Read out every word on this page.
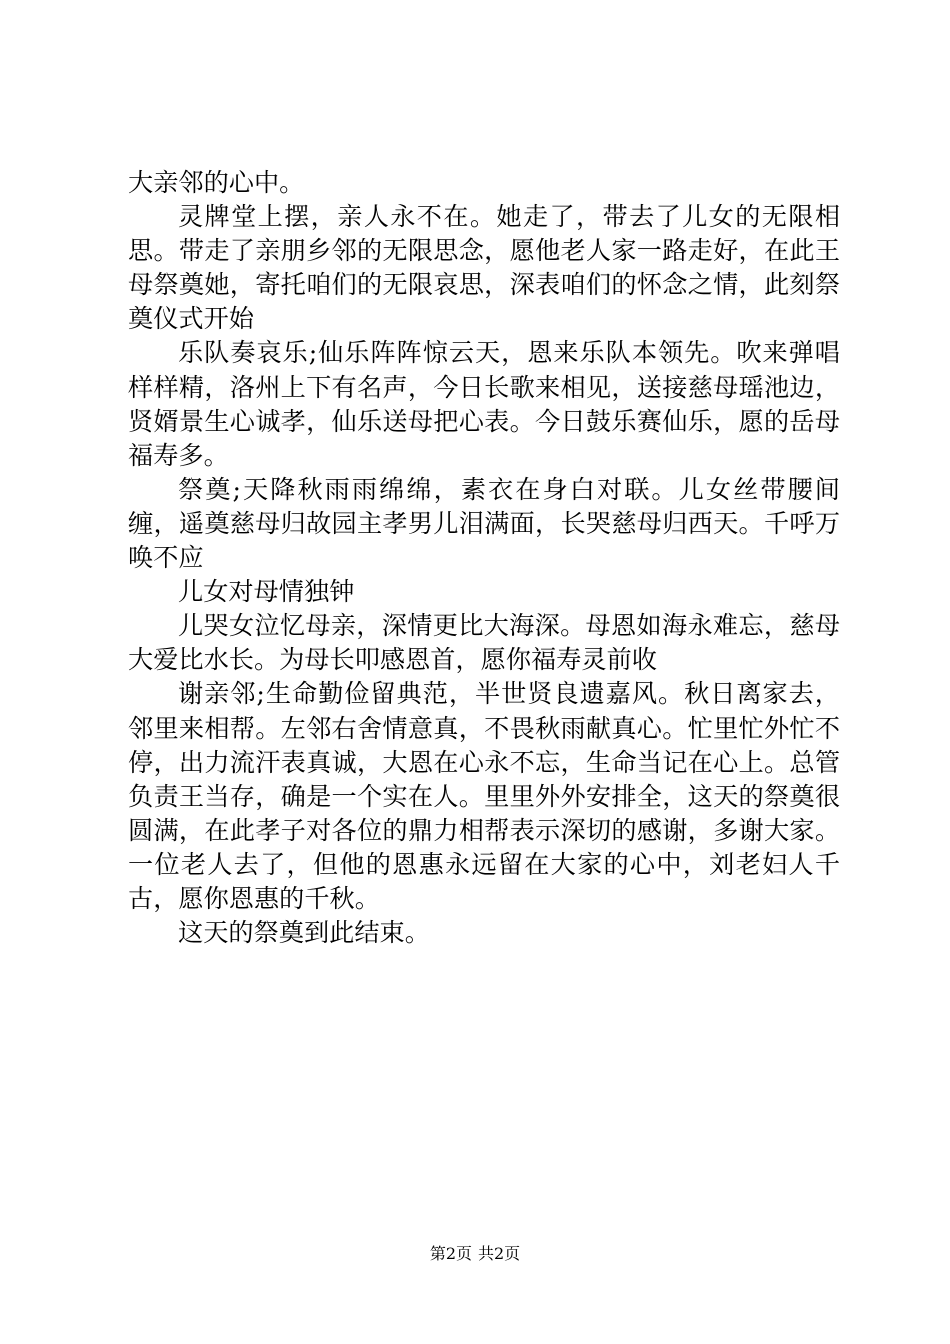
大亲邻的心中。

灵牌堂上摆，亲人永不在。她走了，带去了儿女的无限相思。带走了亲朋乡邻的无限思念，愿他老人家一路走好，在此王母祭奠她，寄托咱们的无限哀思，深表咱们的怀念之情，此刻祭奠仪式开始

乐队奏哀乐;仙乐阵阵惊云天，恩来乐队本领先。吹来弹唱样样精，洛州上下有名声，今日长歌来相见，送接慈母瑶池边，贤婿景生心诚孝，仙乐送母把心表。今日鼓乐赛仙乐，愿的岳母福寿多。

祭奠;天降秋雨雨绵绵，素衣在身白对联。儿女丝带腰间缠，遥奠慈母归故园主孝男儿泪满面，长哭慈母归西天。千呼万唤不应

儿女对母情独钟

儿哭女泣忆母亲，深情更比大海深。母恩如海永难忘，慈母大爱比水长。为母长叩感恩首，愿你福寿灵前收

谢亲邻;生命勤俭留典范，半世贤良遗嘉风。秋日离家去，邻里来相帮。左邻右舍情意真，不畏秋雨献真心。忙里忙外忙不停，出力流汗表真诚，大恩在心永不忘，生命当记在心上。总管负责王当存，确是一个实在人。里里外外安排全，这天的祭奠很圆满，在此孝子对各位的鼎力相帮表示深切的感谢，多谢大家。一位老人去了，但他的恩惠永远留在大家的心中，刘老妇人千古，愿你恩惠的千秋。

这天的祭奠到此结束。

第2页 共2页
